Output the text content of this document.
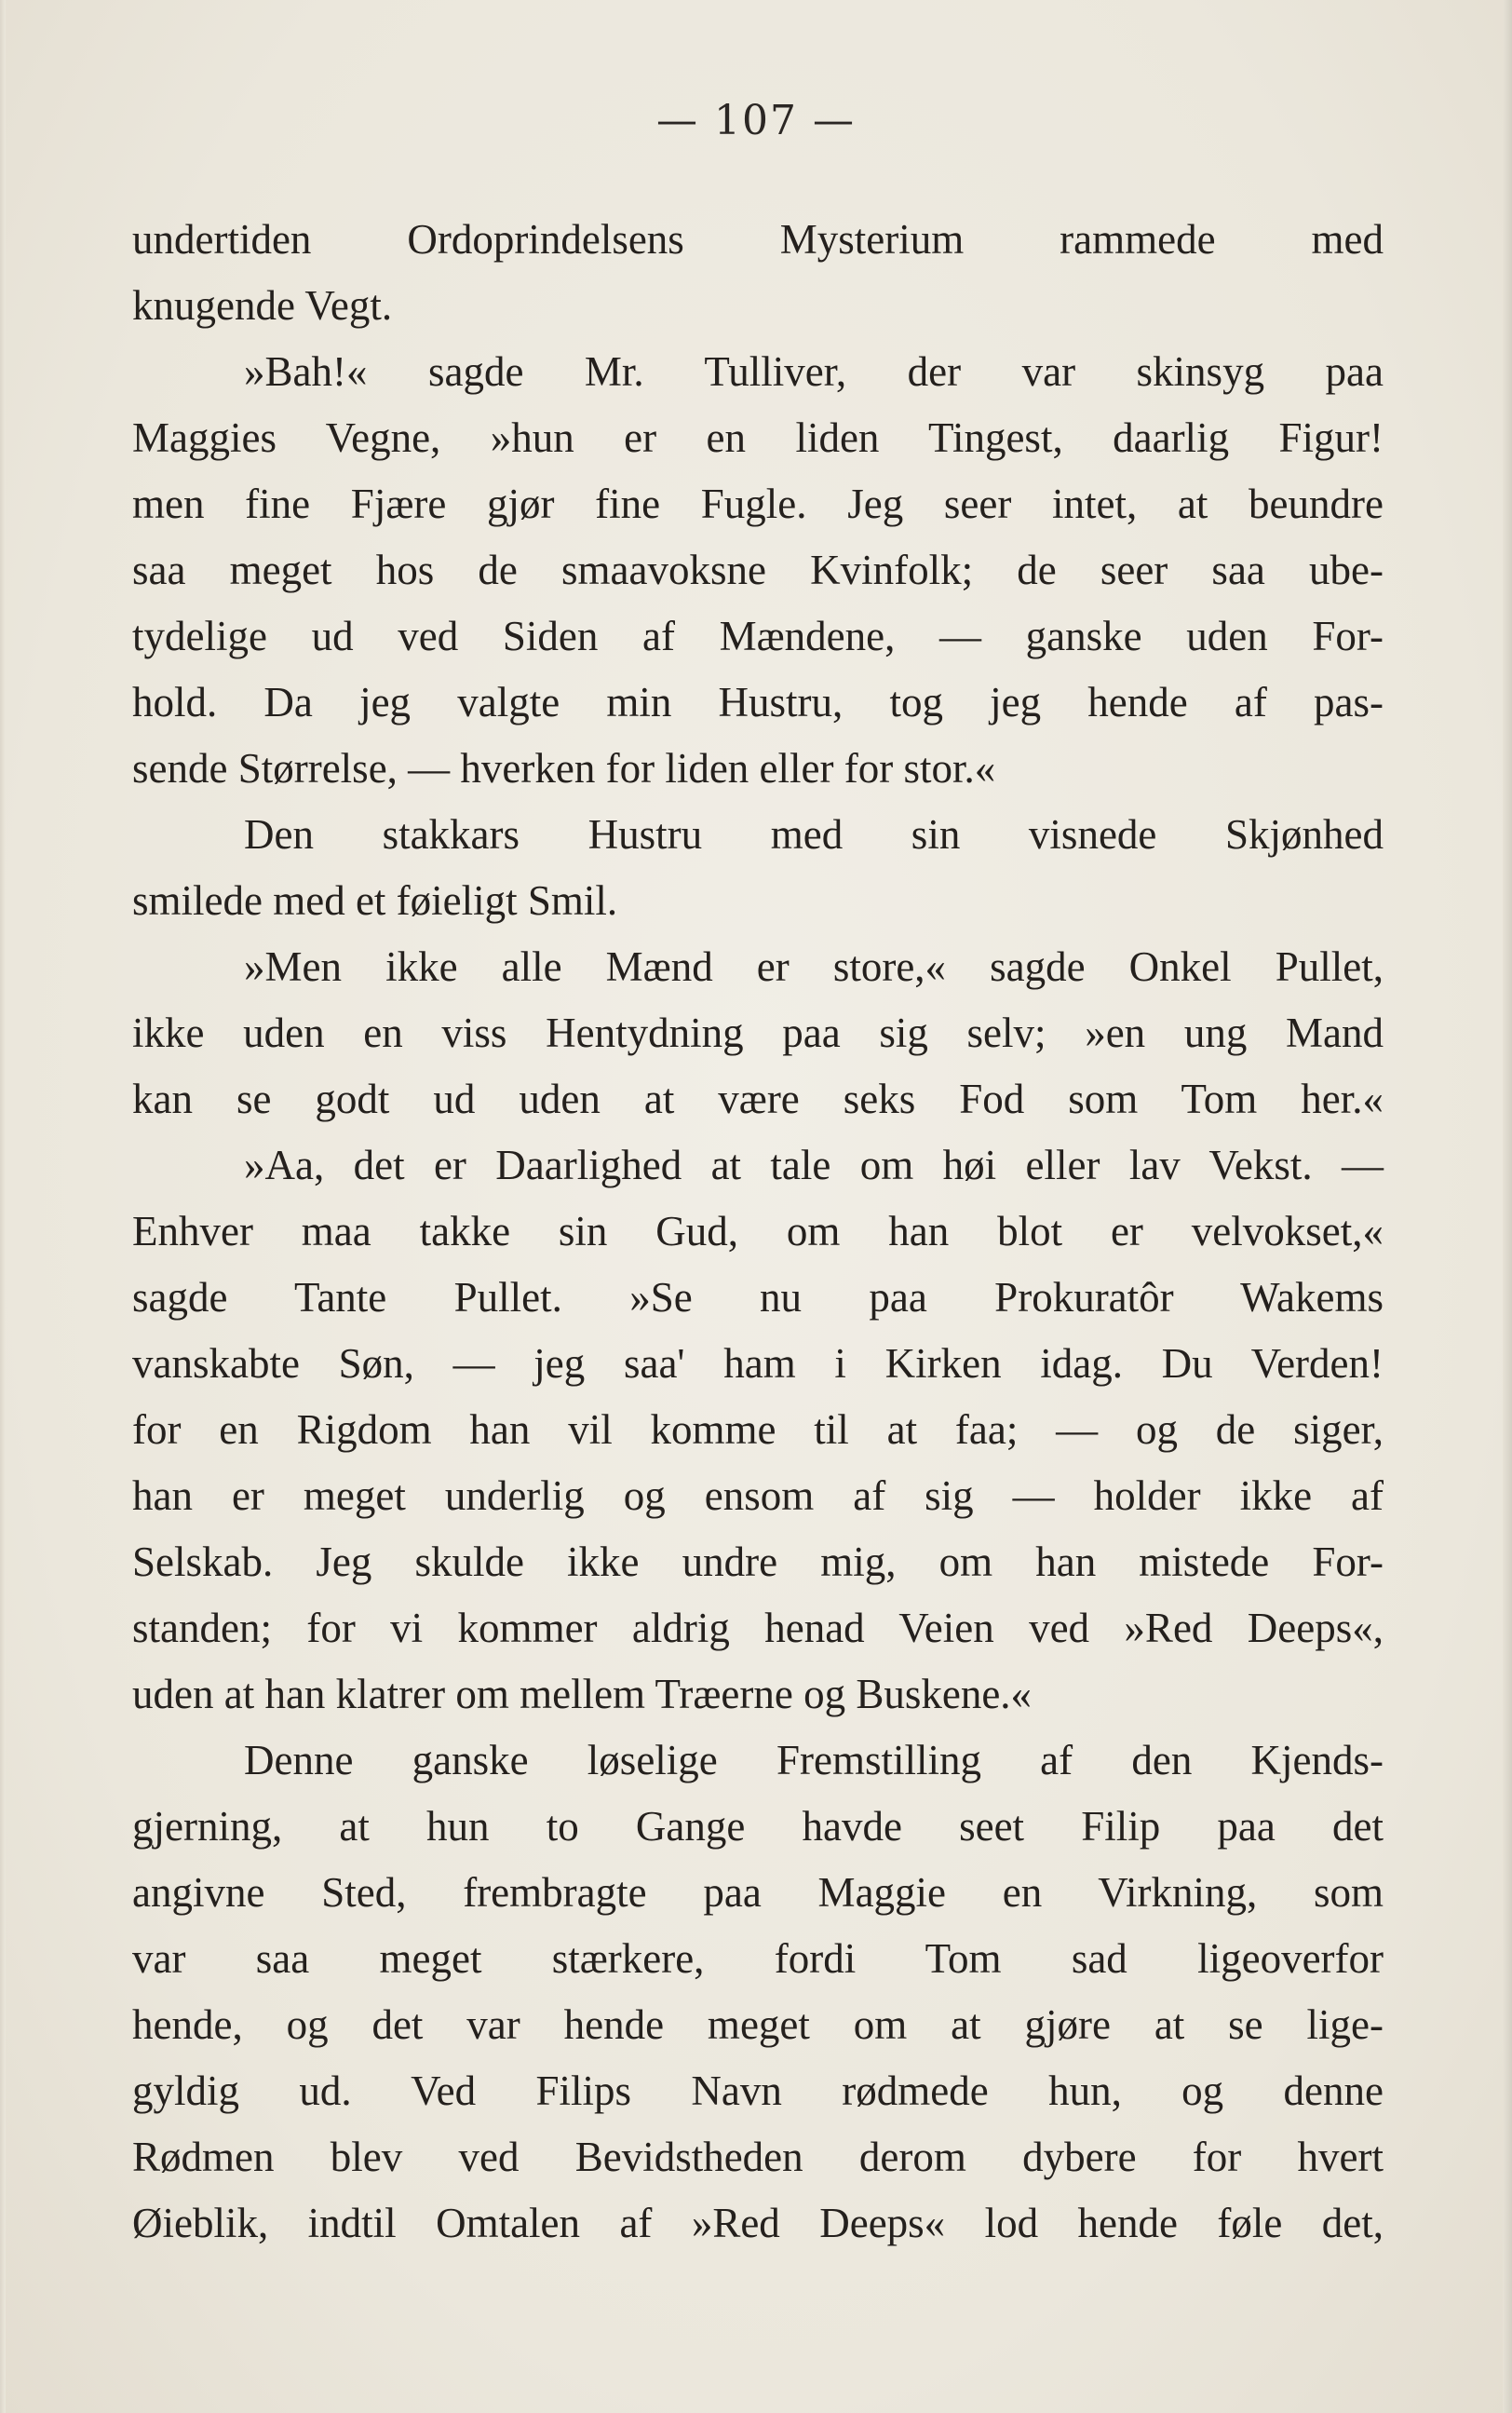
— 107 —
undertiden Ordoprindelsens Mysterium rammede med
knugende Vegt.
»Bah!« sagde Mr. Tulliver, der var skinsyg paa
Maggies Vegne, »hun er en liden Tingest, daarlig Figur!
men fine Fjære gjør fine Fugle. Jeg seer intet, at beundre
saa meget hos de smaavoksne Kvinfolk; de seer saa ube-
tydelige ud ved Siden af Mændene, — ganske uden For-
hold. Da jeg valgte min Hustru, tog jeg hende af pas-
sende Størrelse, — hverken for liden eller for stor.«
Den stakkars Hustru med sin visnede Skjønhed
smilede med et føieligt Smil.
»Men ikke alle Mænd er store,« sagde Onkel Pullet,
ikke uden en viss Hentydning paa sig selv; »en ung Mand
kan se godt ud uden at være seks Fod som Tom her.«
»Aa, det er Daarlighed at tale om høi eller lav Vekst. —
Enhver maa takke sin Gud, om han blot er velvokset,«
sagde Tante Pullet. »Se nu paa Prokuratôr Wakems
vanskabte Søn, — jeg saa' ham i Kirken idag. Du Verden!
for en Rigdom han vil komme til at faa; — og de siger,
han er meget underlig og ensom af sig — holder ikke af
Selskab. Jeg skulde ikke undre mig, om han mistede For-
standen; for vi kommer aldrig henad Veien ved »Red Deeps«,
uden at han klatrer om mellem Træerne og Buskene.«
Denne ganske løselige Fremstilling af den Kjends-
gjerning, at hun to Gange havde seet Filip paa det
angivne Sted, frembragte paa Maggie en Virkning, som
var saa meget stærkere, fordi Tom sad ligeoverfor
hende, og det var hende meget om at gjøre at se lige-
gyldig ud. Ved Filips Navn rødmede hun, og denne
Rødmen blev ved Bevidstheden derom dybere for hvert
Øieblik, indtil Omtalen af »Red Deeps« lod hende føle det,
